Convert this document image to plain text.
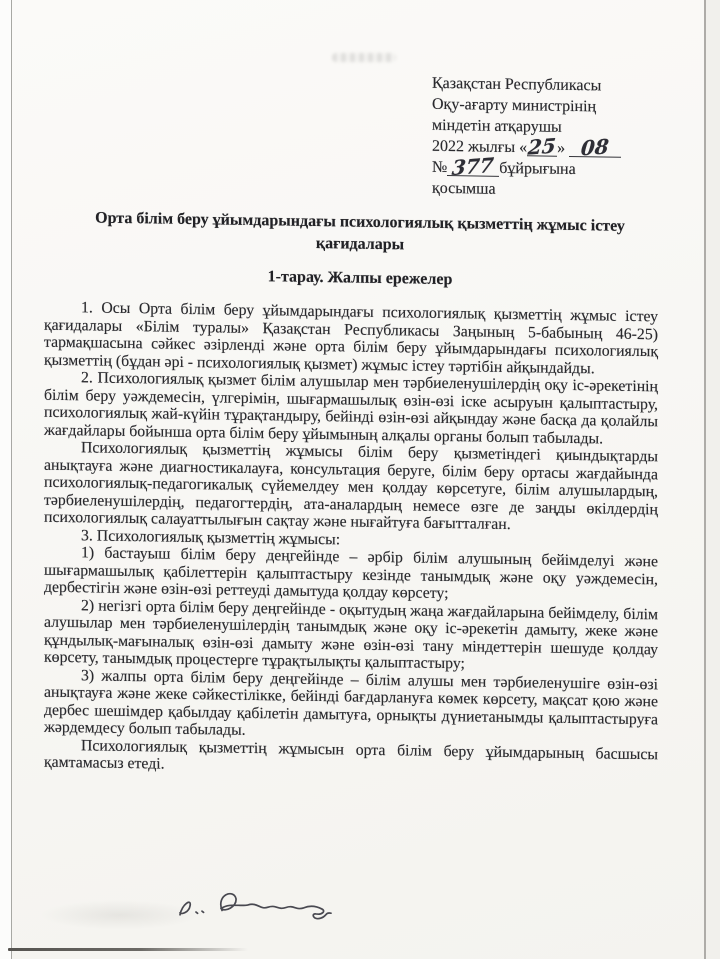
Қазақстан Республикасы
Оқу-ағарту министрінің
міндетін атқарушы
2022 жылғы «25» 08
№ 377 бұйрығына
қосымша
Орта білім беру ұйымдарындағы психологиялық қызметтің жұмыс істеу қағидалары
1-тарау. Жалпы ережелер

1. Осы Орта білім беру ұйымдарындағы психологиялық қызметтің жұмыс істеу қағидалары «Білім туралы» Қазақстан Республикасы Заңының 5-бабының 46-25) тармақшасына сәйкес әзірленді және орта білім беру ұйымдарындағы психологиялық қызметтің (бұдан әрі - психологиялық қызмет) жұмыс істеу тәртібін айқындайды.

2. Психологиялық қызмет білім алушылар мен тәрбиеленушілердің оқу іс-әрекетінің білім беру уәждемесін, үлгерімін, шығармашылық өзін-өзі іске асыруын қалыптастыру, психологиялық жай-күйін тұрақтандыру, бейінді өзін-өзі айқындау және басқа да қолайлы жағдайлары бойынша орта білім беру ұйымының алқалы органы болып табылады.

Психологиялық қызметтің жұмысы білім беру қызметіндегі қиындықтарды анықтауға және диагностикалауға, консультация беруге, білім беру ортасы жағдайында психологиялық-педагогикалық сүйемелдеу мен қолдау көрсетуге, білім алушылардың, тәрбиеленушілердің, педагогтердің, ата-аналардың немесе өзге де заңды өкілдердің психологиялық салауаттылығын сақтау және нығайтуға бағытталған.

3. Психологиялық қызметтің жұмысы:

1) бастауыш білім беру деңгейінде – әрбір білім алушының бейімделуі және шығармашылық қабілеттерін қалыптастыру кезінде танымдық және оқу уәждемесін, дербестігін және өзін-өзі реттеуді дамытуда қолдау көрсету;

2) негізгі орта білім беру деңгейінде - оқытудың жаңа жағдайларына бейімделу, білім алушылар мен тәрбиеленушілердің танымдық және оқу іс-әрекетін дамыту, жеке және құндылық-мағыналық өзін-өзі дамыту және өзін-өзі тану міндеттерін шешуде қолдау көрсету, танымдық процестерге тұрақтылықты қалыптастыру;

3) жалпы орта білім беру деңгейінде – білім алушы мен тәрбиеленушіге өзін-өзі анықтауға және жеке сәйкестілікке, бейінді бағдарлануға көмек көрсету, мақсат қою және дербес шешімдер қабылдау қабілетін дамытуға, орнықты дүниетанымды қалыптастыруға жәрдемдесу болып табылады.

Психологиялық қызметтің жұмысын орта білім беру ұйымдарының басшысы қамтамасыз етеді.
